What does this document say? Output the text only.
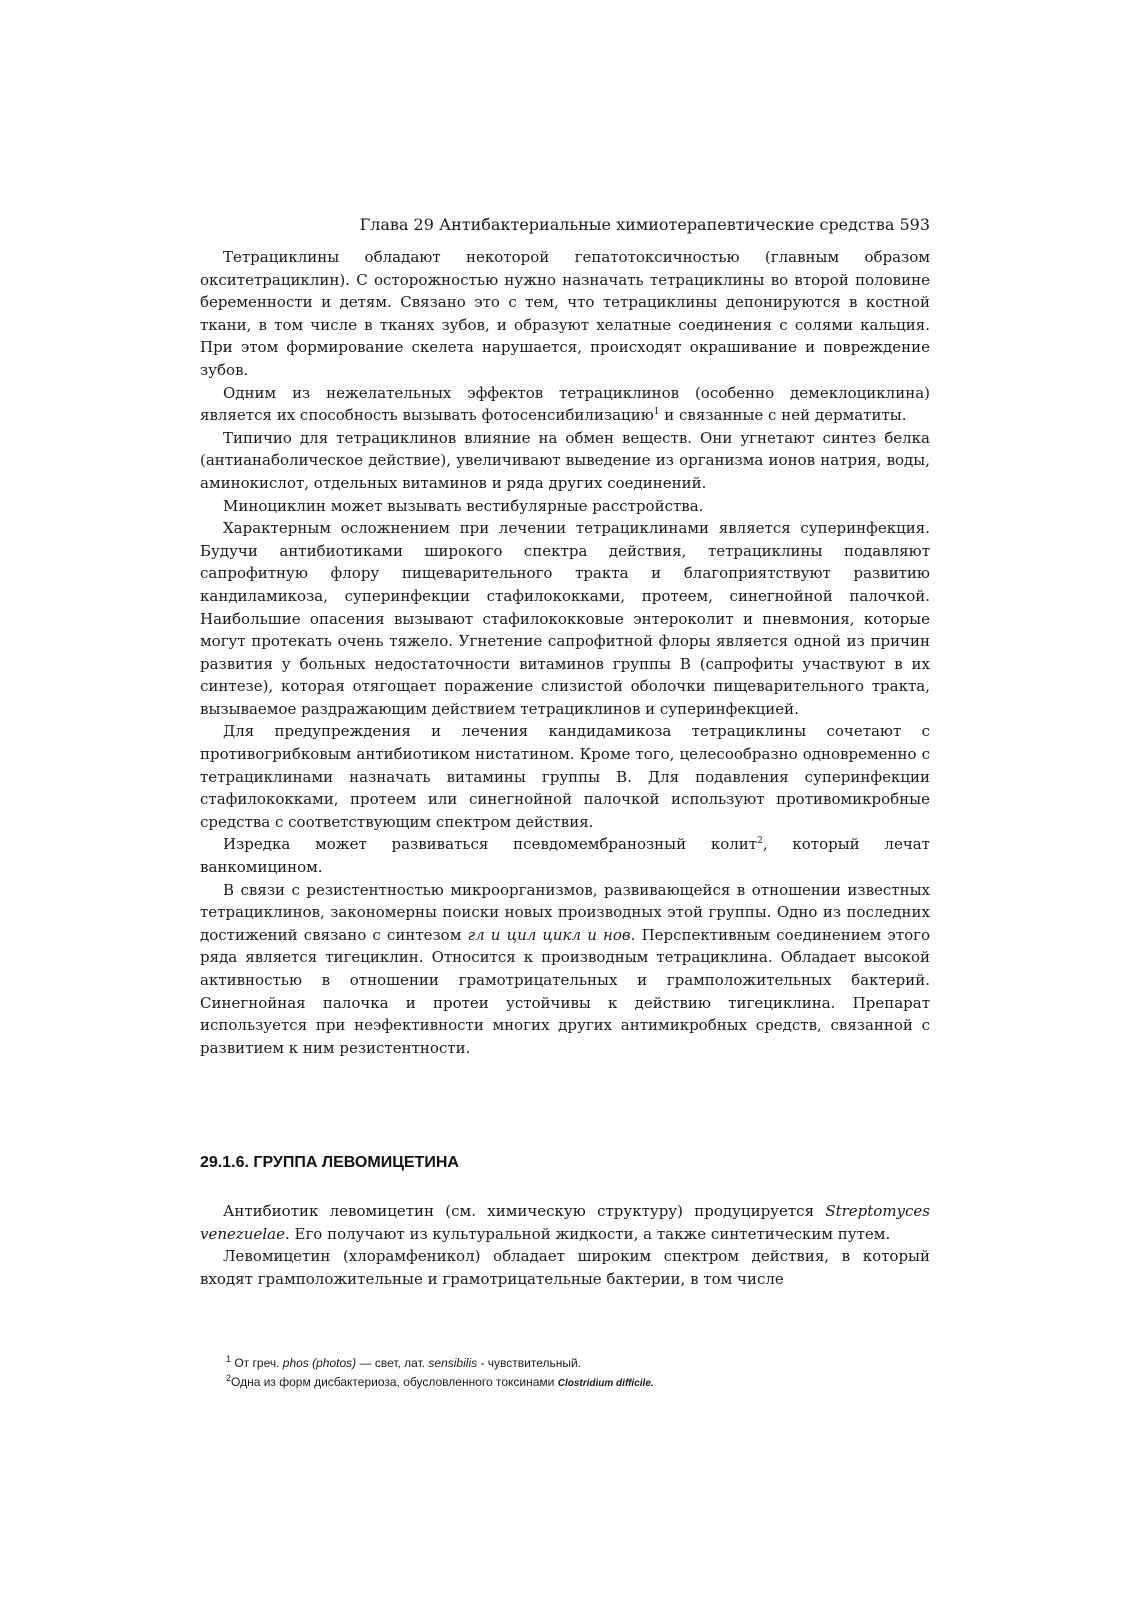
Глава 29 Антибактериальные химиотерапевтические средства 593

Тетрациклины обладают некоторой гепатотоксичностью (главным образом окситетрациклин). С осторожностью нужно назначать тетрациклины во второй половине беременности и детям. Связано это с тем, что тетрациклины депонируются в костной ткани, в том числе в тканях зубов, и образуют хелатные соединения с солями кальция. При этом формирование скелета нарушается, происходят окрашивание и повреждение зубов.

Одним из нежелательных эффектов тетрациклинов (особенно демеклоциклина) является их способность вызывать фотосенсибилизацию$^1$ и связанные с ней дерматиты.

Типичио для тетрациклинов влияние на обмен веществ. Они угнетают синтез белка (антианаболическое действие), увеличивают выведение из организма ионов натрия, воды, аминокислот, отдельных витаминов и ряда других соединений.

Миноциклин может вызывать вестибулярные расстройства.

Характерным осложнением при лечении тетрациклинами является суперинфекция. Будучи антибиотиками широкого спектра действия, тетрациклины подавляют сапрофитную флору пищеварительного тракта и благоприятствуют развитию кандиламикоза, суперинфекции стафилококками, протеем, синегнойной палочкой. Наибольшие опасения вызывают стафилококковые энтероколит и пневмония, которые могут протекать очень тяжело. Угнетение сапрофитной флоры является одной из причин развития у больных недостаточности витаминов группы В (сапрофиты участвуют в их синтезе), которая отягощает поражение слизистой оболочки пищеварительного тракта, вызываемое раздражающим действием тетрациклинов и суперинфекцией.

Для предупреждения и лечения кандидамикоза тетрациклины сочетают с противогрибковым антибиотиком нистатином. Кроме того, целесообразно одновременно с тетрациклинами назначать витамины группы В. Для подавления суперинфекции стафилококками, протеем или синегнойной палочкой используют противомикробные средства с соответствующим спектром действия.

Изредка может развиваться псевдомембранозный колит$^2$, который лечат ванкомицином.

В связи с резистентностью микроорганизмов, развивающейся в отношении известных тетрациклинов, закономерны поиски новых производных этой группы. Одно из последних достижений связано с синтезом гл и цил цикл и нов. Перспективным соединением этого ряда является тигециклин. Относится к производным тетрациклина. Обладает высокой активностью в отношении грамотрицательных и грамположительных бактерий. Синегнойная палочка и протеи устойчивы к действию тигециклина. Препарат используется при неэфективности многих других антимикробных средств, связанной с развитием к ним резистентности.

29.1.6. ГРУППА ЛЕВОМИЦЕТИНА

Антибиотик левомицетин (см. химическую структуру) продуцируется Streptomyces venezuelae. Его получают из культуральной жидкости, а также синтетическим путем.

Левомицетин (хлорамфеникол) обладает широким спектром действия, в который входят грамположительные и грамотрицательные бактерии, в том числе

$^1$ От греч. phos (photos) — свет, лат. sensibilis - чувствительный.

$^2$Одна из форм дисбактериоза, обусловленного токсинами Clostridium difficile.
